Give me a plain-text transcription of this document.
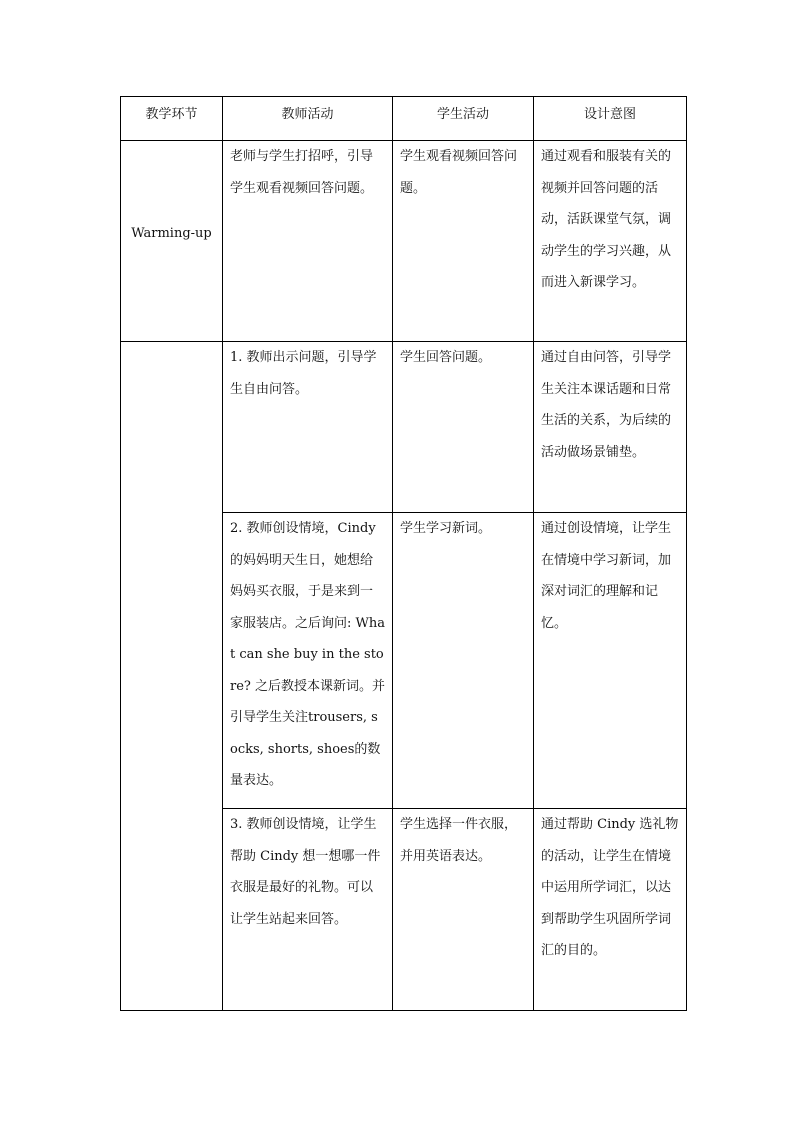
教学环节	教师活动	学生活动	设计意图

Warming-up	老师与学生打招呼，引导学生观看视频回答问题。	学生观看视频回答问题。	通过观看和服装有关的视频并回答问题的活动，活跃课堂气氛，调动学生的学习兴趣，从而进入新课学习。

	1. 教师出示问题，引导学生自由问答。	学生回答问题。	通过自由问答，引导学生关注本课话题和日常生活的关系，为后续的活动做场景铺垫。

	2. 教师创设情境，Cindy的妈妈明天生日，她想给妈妈买衣服，于是来到一家服装店。之后询问: What can she buy in the store? 之后教授本课新词。并引导学生关注trousers, socks, shorts, shoes的数量表达。	学生学习新词。	通过创设情境，让学生在情境中学习新词，加深对词汇的理解和记忆。

	3. 教师创设情境，让学生帮助 Cindy 想一想哪一件衣服是最好的礼物。可以让学生站起来回答。	学生选择一件衣服，并用英语表达。	通过帮助 Cindy 选礼物的活动，让学生在情境中运用所学词汇，以达到帮助学生巩固所学词汇的目的。
